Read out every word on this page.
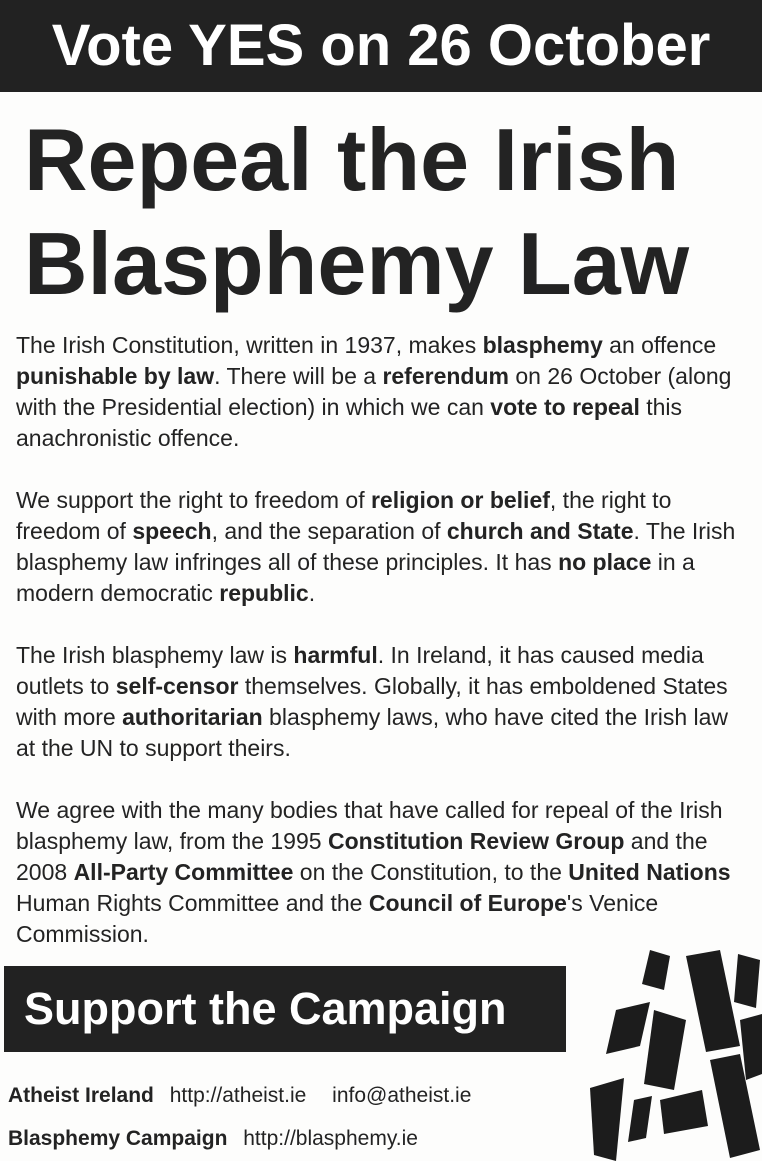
Vote YES on 26 October
Repeal the Irish
Blasphemy Law

The Irish Constitution, written in 1937, makes blasphemy an offence punishable by law. There will be a referendum on 26 October (along with the Presidential election) in which we can vote to repeal this anachronistic offence.

We support the right to freedom of religion or belief, the right to freedom of speech, and the separation of church and State. The Irish blasphemy law infringes all of these principles. It has no place in a modern democratic republic.

The Irish blasphemy law is harmful. In Ireland, it has caused media outlets to self-censor themselves. Globally, it has emboldened States with more authoritarian blasphemy laws, who have cited the Irish law at the UN to support theirs.

We agree with the many bodies that have called for repeal of the Irish blasphemy law, from the 1995 Constitution Review Group and the 2008 All-Party Committee on the Constitution, to the United Nations Human Rights Committee and the Council of Europe's Venice Commission.

Support the Campaign
Atheist Ireland http://atheist.ie info@atheist.ie
Blasphemy Campaign http://blasphemy.ie
